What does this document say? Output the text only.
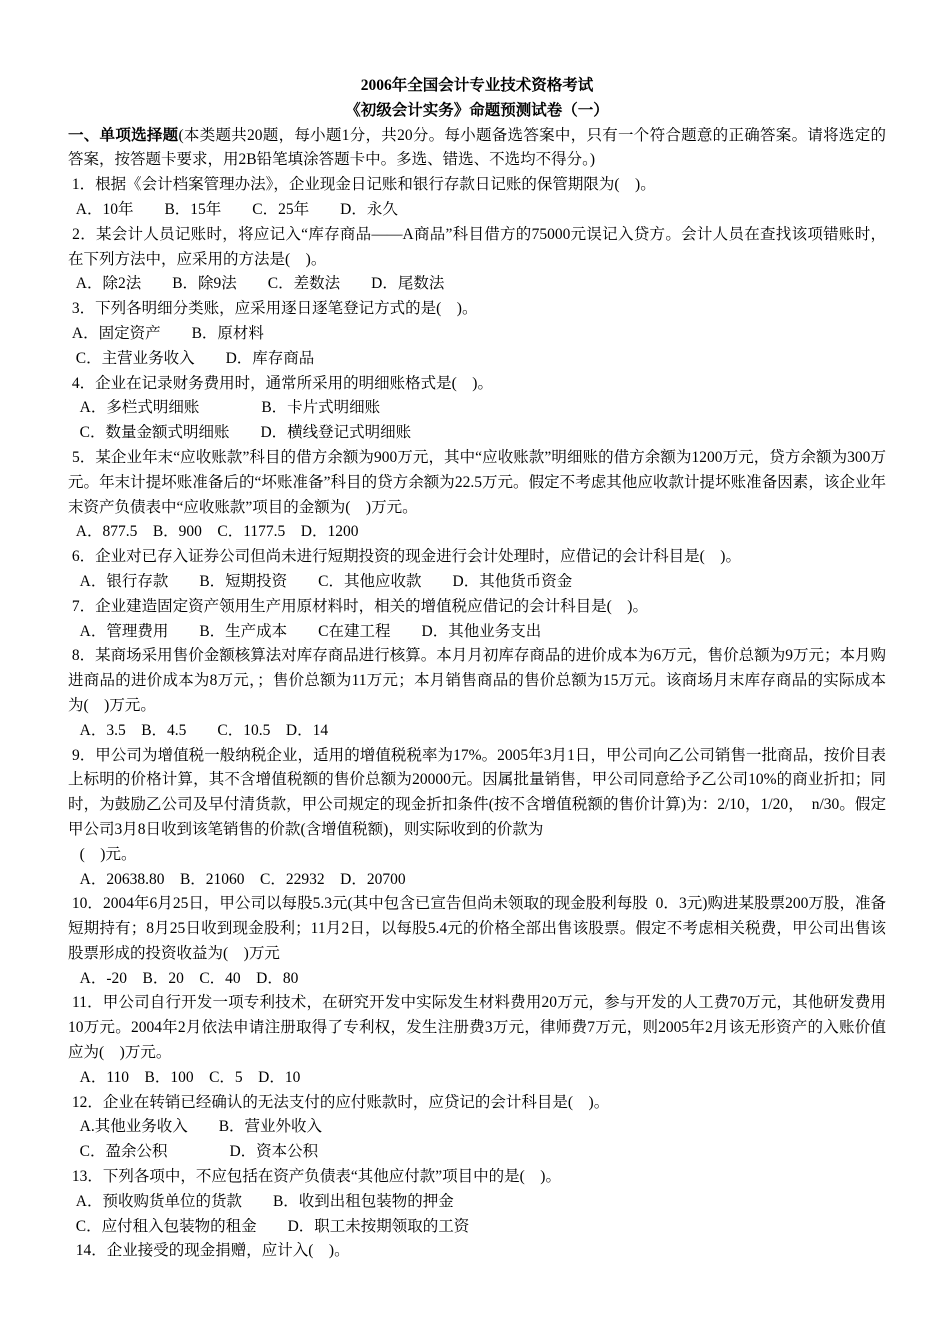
2006年全国会计专业技术资格考试
《初级会计实务》命题预测试卷（一）
一、单项选择题(本类题共20题，每小题1分，共20分。每小题备选答案中，只有一个符合题意的正确答案。请将选定的答案，按答题卡要求，用2B铅笔填涂答题卡中。多选、错选、不选均不得分。)
1．根据《会计档案管理办法》，企业现金日记账和银行存款日记账的保管期限为(　)。
A．10年　　B．15年　　C．25年　　D．永久
2．某会计人员记账时，将应记入“库存商品——A商品”科目借方的75000元误记入贷方。会计人员在查找该项错账时，在下列方法中，应采用的方法是(　)。
A．除2法　　B．除9法　　C．差数法　　D．尾数法
3．下列各明细分类账，应采用逐日逐笔登记方式的是(　)。
A．固定资产　　B．原材料
C．主营业务收入　　D．库存商品
4．企业在记录财务费用时，通常所采用的明细账格式是(　)。
A．多栏式明细账　　　　B．卡片式明细账
C．数量金额式明细账　　D．横线登记式明细账
5．某企业年末“应收账款”科目的借方余额为900万元，其中“应收账款”明细账的借方余额为1200万元，贷方余额为300万元。年末计提坏账准备后的“坏账准备”科目的贷方余额为22.5万元。假定不考虑其他应收款计提坏账准备因素，该企业年末资产负债表中“应收账款”项目的金额为(　)万元。
A．877.5　B．900　C．1177.5　D．1200
6．企业对已存入证券公司但尚未进行短期投资的现金进行会计处理时，应借记的会计科目是(　)。
A．银行存款　　B．短期投资　　C．其他应收款　　D．其他货币资金
7．企业建造固定资产领用生产用原材料时，相关的增值税应借记的会计科目是(　)。
A．管理费用　　B．生产成本　　C在建工程　　D．其他业务支出
8．某商场采用售价金额核算法对库存商品进行核算。本月月初库存商品的进价成本为6万元，售价总额为9万元；本月购进商品的进价成本为8万元，；售价总额为11万元；本月销售商品的售价总额为15万元。该商场月末库存商品的实际成本为(　)万元。
A．3.5　B．4.5　　C．10.5　D．14
9．甲公司为增值税一般纳税企业，适用的增值税税率为17%。2005年3月1日，甲公司向乙公司销售一批商品，按价目表上标明的价格计算，其不含增值税额的售价总额为20000元。因属批量销售，甲公司同意给予乙公司10%的商业折扣；同时，为鼓励乙公司及早付清货款，甲公司规定的现金折扣条件(按不含增值税额的售价计算)为：2/10，1/20，  n/30。假定甲公司3月8日收到该笔销售的价款(含增值税额)，则实际收到的价款为
(　)元。
A．20638.80　B．21060　C．22932　D．20700
10．2004年6月25日，甲公司以每股5.3元(其中包含已宣告但尚未领取的现金股利每股  0．3元)购进某股票200万股，准备短期持有；8月25日收到现金股利；11月2日，以每股5.4元的价格全部出售该股票。假定不考虑相关税费，甲公司出售该股票形成的投资收益为(　)万元
A．-20　B．20　C．40　D．80
11．甲公司自行开发一项专利技术，在研究开发中实际发生材料费用20万元，参与开发的人工费70万元，其他研发费用10万元。2004年2月依法申请注册取得了专利权，发生注册费3万元，律师费7万元，则2005年2月该无形资产的入账价值应为(　)万元。
A．110　B．100　C．5　D．10
12．企业在转销已经确认的无法支付的应付账款时，应贷记的会计科目是(　)。
A.其他业务收入　　B．营业外收入
C．盈余公积　　　　D．资本公积
13．下列各项中，不应包括在资产负债表“其他应付款”项目中的是(　)。
A．预收购货单位的货款　　B．收到出租包装物的押金
C．应付租入包装物的租金　　D．职工未按期领取的工资
14．企业接受的现金捐赠，应计入(　)。
